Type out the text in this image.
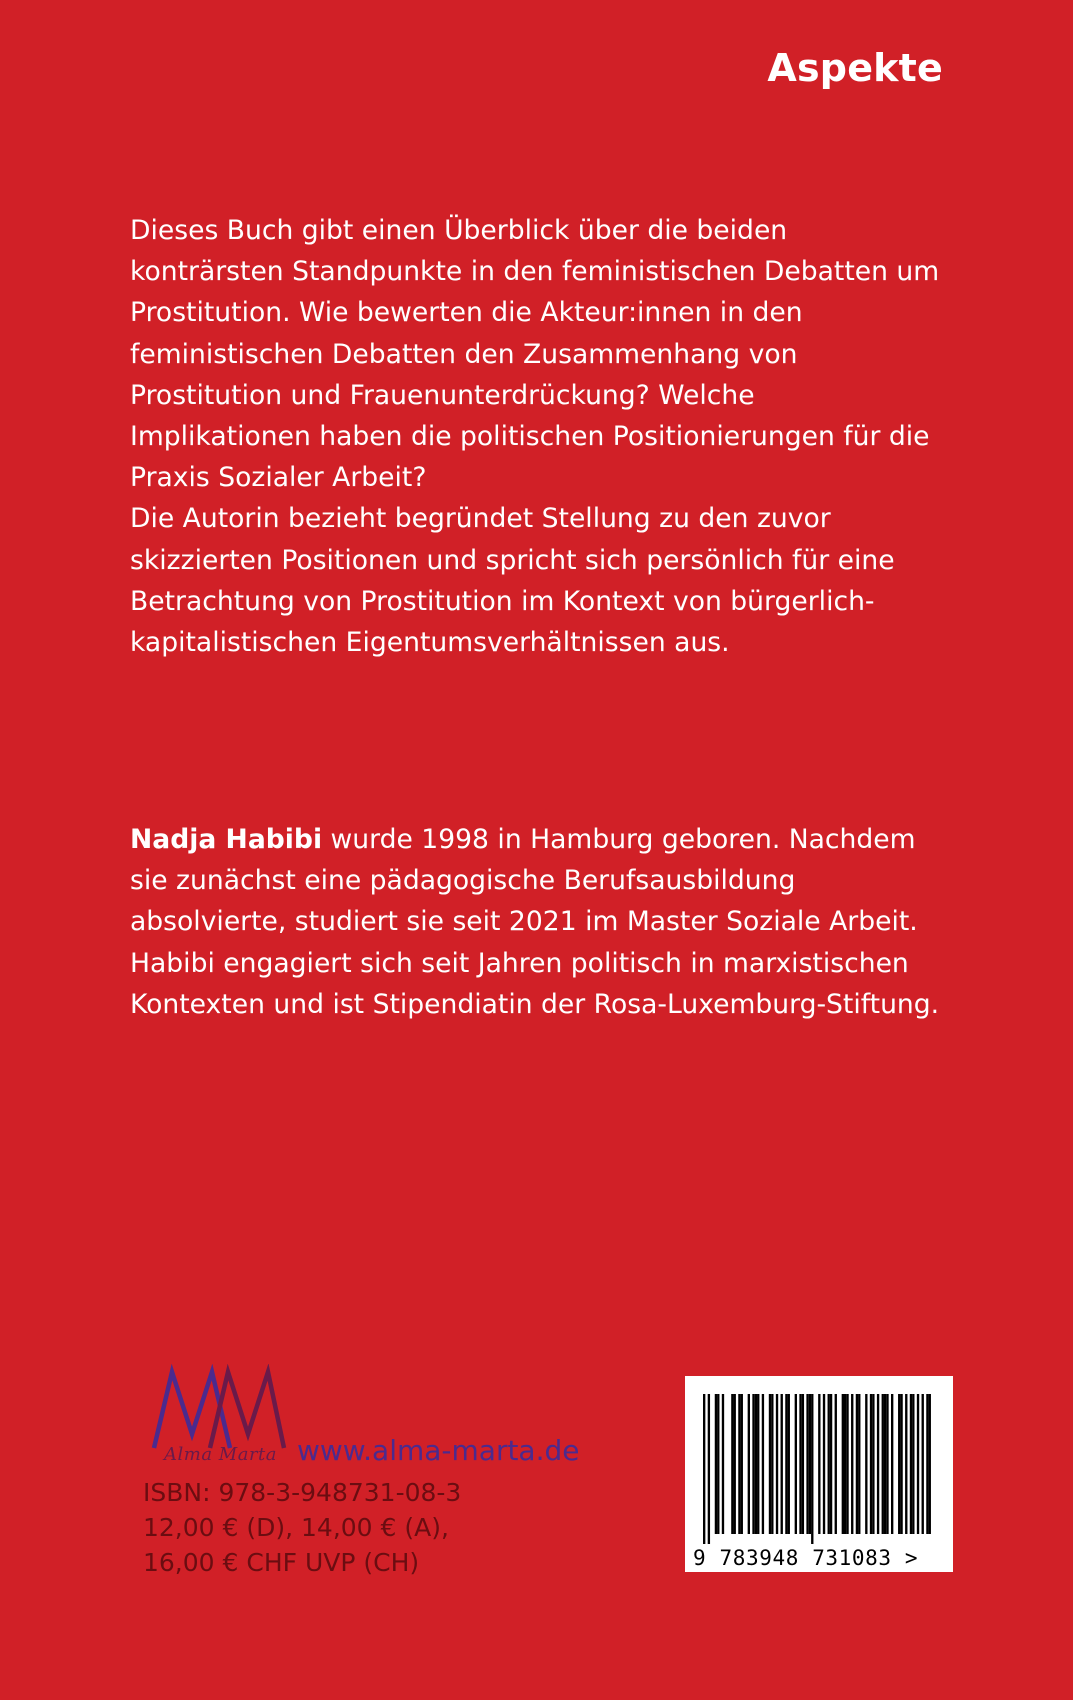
Aspekte

Dieses Buch gibt einen Überblick über die beiden konträrsten Standpunkte in den feministischen Debatten um Prostitution. Wie bewerten die Akteur:innen in den feministischen Debatten den Zusammenhang von Prostitution und Frauenunterdrückung? Welche Implikationen haben die politischen Positionierungen für die Praxis Sozialer Arbeit?

Die Autorin bezieht begründet Stellung zu den zuvor skizzierten Positionen und spricht sich persönlich für eine Betrachtung von Prostitution im Kontext von bürgerlich-kapitalistischen Eigentumsverhältnissen aus.

Nadja Habibi wurde 1998 in Hamburg geboren. Nachdem sie zunächst eine pädagogische Berufsausbildung absolvierte, studiert sie seit 2021 im Master Soziale Arbeit. Habibi engagiert sich seit Jahren politisch in marxistischen Kontexten und ist Stipendiatin der Rosa-Luxemburg-Stiftung.
Alma Marta www.alma-marta.de
ISBN: 978-3-948731-08-3
12,00 € (D), 14,00 € (A),
16,00 € CHF UVP (CH)	9 783948 731083 >
